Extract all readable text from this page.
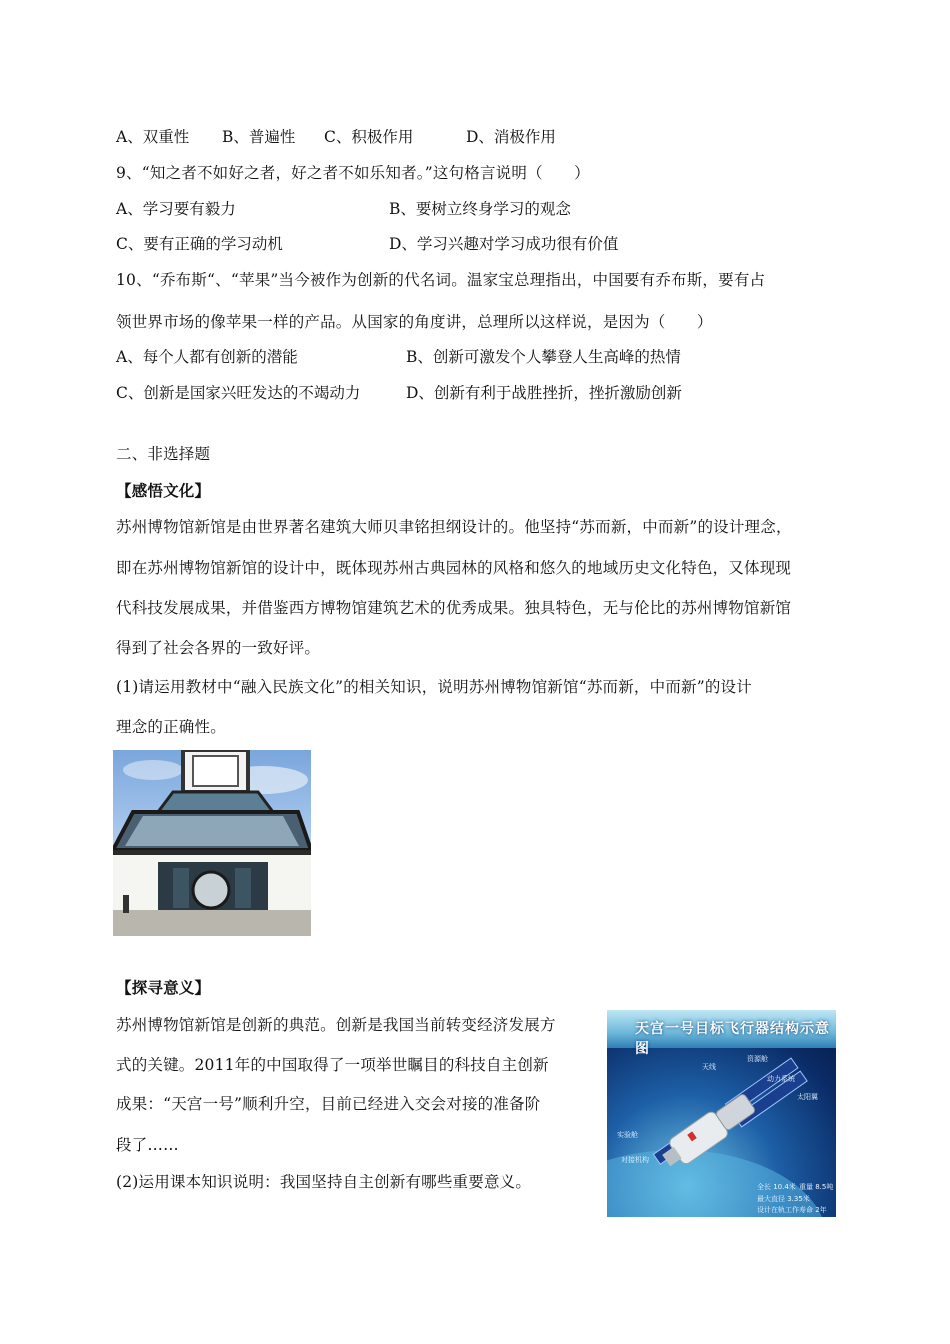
A、双重性 B、普遍性 C、积极作用	D、消极作用
9、“知之者不如好之者，好之者不如乐知者。”这句格言说明（　　）
A、学习要有毅力	B、要树立终身学习的观念
C、要有正确的学习动机	D、学习兴趣对学习成功很有价值
10、“乔布斯“、“苹果”当今被作为创新的代名词。温家宝总理指出，中国要有乔布斯，要有占
领世界市场的像苹果一样的产品。从国家的角度讲，总理所以这样说，是因为（　　）
A、每个人都有创新的潜能	B、创新可激发个人攀登人生高峰的热情
C、创新是国家兴旺发达的不竭动力	D、创新有利于战胜挫折，挫折激励创新
二、非选择题
【感悟文化】
苏州博物馆新馆是由世界著名建筑大师贝聿铭担纲设计的。他坚持“苏而新，中而新”的设计理念，
即在苏州博物馆新馆的设计中，既体现苏州古典园林的风格和悠久的地域历史文化特色，又体现现
代科技发展成果，并借鉴西方博物馆建筑艺术的优秀成果。独具特色，无与伦比的苏州博物馆新馆
得到了社会各界的一致好评。
(1)请运用教材中“融入民族文化”的相关知识，说明苏州博物馆新馆“苏而新，中而新”的设计
理念的正确性。
【探寻意义】
苏州博物馆新馆是创新的典范。创新是我国当前转变经济发展方
式的关键。2011年的中国取得了一项举世瞩目的科技自主创新
成果：“天宫一号”顺利升空，目前已经进入交会对接的准备阶
段了……
(2)运用课本知识说明：我国坚持自主创新有哪些重要意义。
天宫一号目标飞行器结构示意图
天线
资源舱
动力系统
太阳翼
实验舱
对接机构
全长 10.4米
最大直径 3.35米
重量 8.5吨
设计在轨工作寿命 2年
